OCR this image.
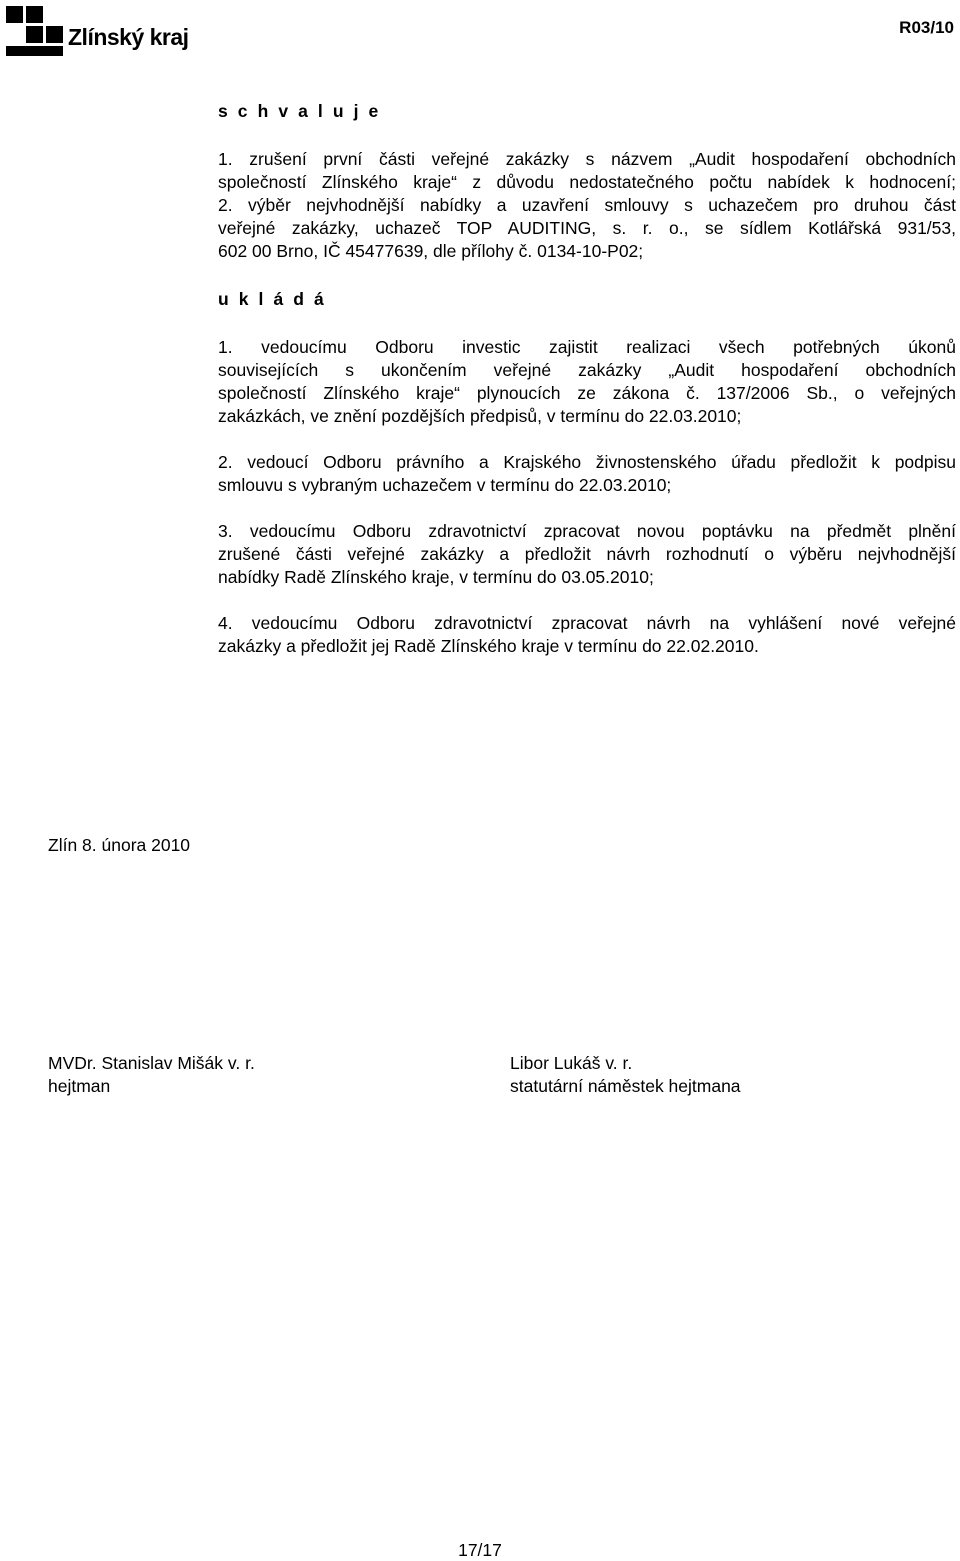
Zlínský kraj	R03/10

s c h v a l u j e

1. zrušení první části veřejné zakázky s názvem „Audit hospodaření obchodních

společností Zlínského kraje“ z důvodu nedostatečného počtu nabídek k hodnocení;

2. výběr nejvhodnější nabídky a uzavření smlouvy s uchazečem pro druhou část

veřejné zakázky, uchazeč TOP AUDITING, s. r. o., se sídlem Kotlářská 931/53,

602 00 Brno, IČ 45477639, dle přílohy č. 0134-10-P02;

u k l á d á

1. vedoucímu Odboru investic zajistit realizaci všech potřebných úkonů

souvisejících s ukončením veřejné zakázky „Audit hospodaření obchodních

společností Zlínského kraje“ plynoucích ze zákona č. 137/2006 Sb., o veřejných

zakázkách, ve znění pozdějších předpisů, v termínu do 22.03.2010;

2. vedoucí Odboru právního a Krajského živnostenského úřadu předložit k podpisu

smlouvu s vybraným uchazečem v termínu do 22.03.2010;

3. vedoucímu Odboru zdravotnictví zpracovat novou poptávku na předmět plnění

zrušené části veřejné zakázky a předložit návrh rozhodnutí o výběru nejvhodnější

nabídky Radě Zlínského kraje, v termínu do 03.05.2010;

4. vedoucímu Odboru zdravotnictví zpracovat návrh na vyhlášení nové veřejné

zakázky a předložit jej Radě Zlínského kraje v termínu do 22.02.2010.

Zlín 8. února 2010
MVDr. Stanislav Mišák v. r.
hejtman
Libor Lukáš v. r.
statutární náměstek hejtmana
17/17
